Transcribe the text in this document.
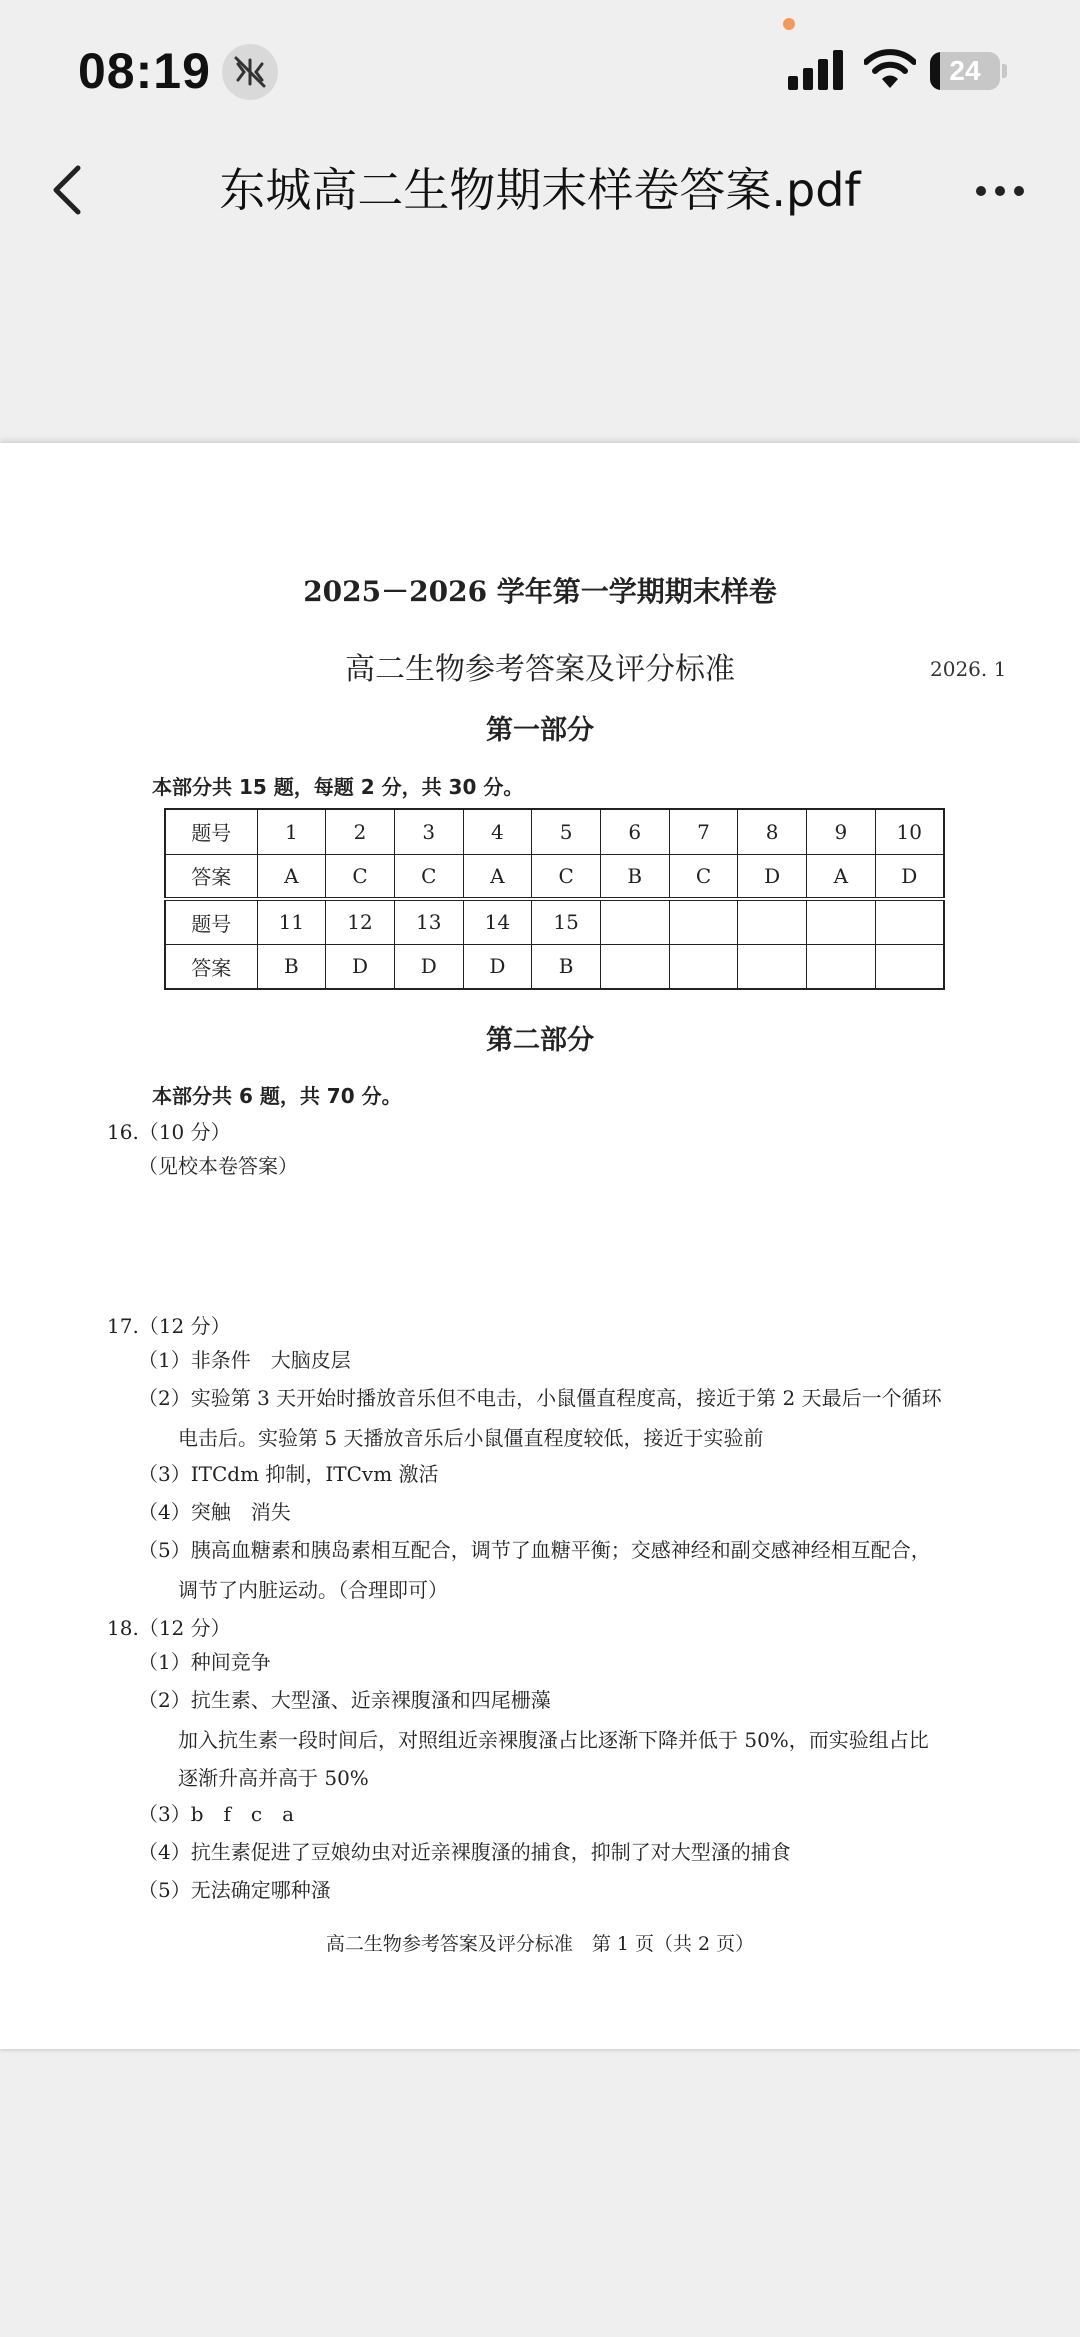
08:19	24
东城高二生物期末样卷答案.pdf
2025－2026 学年第一学期期末样卷
高二生物参考答案及评分标准	2026. 1
第一部分
本部分共 15 题，每题 2 分，共 30 分。
题号	1	2	3	4	5	6	7	8	9	10
答案	A	C	C	A	C	B	C	D	A	D
题号	11	12	13	14	15					
答案	B	D	D	D	B					
第二部分
本部分共 6 题，共 70 分。
16.（10 分）
（见校本卷答案）
17.（12 分）
（1）非条件　大脑皮层
（2）实验第 3 天开始时播放音乐但不电击，小鼠僵直程度高，接近于第 2 天最后一个循环
电击后。实验第 5 天播放音乐后小鼠僵直程度较低，接近于实验前
（3）ITCdm 抑制，ITCvm 激活
（4）突触　消失
（5）胰高血糖素和胰岛素相互配合，调节了血糖平衡；交感神经和副交感神经相互配合，
调节了内脏运动。（合理即可）
18.（12 分）
（1）种间竞争
（2）抗生素、大型溞、近亲裸腹溞和四尾栅藻
加入抗生素一段时间后，对照组近亲裸腹溞占比逐渐下降并低于 50%，而实验组占比
逐渐升高并高于 50%
（3）b　f　c　a
（4）抗生素促进了豆娘幼虫对近亲裸腹溞的捕食，抑制了对大型溞的捕食
（5）无法确定哪种溞
高二生物参考答案及评分标准　第 1 页（共 2 页）
